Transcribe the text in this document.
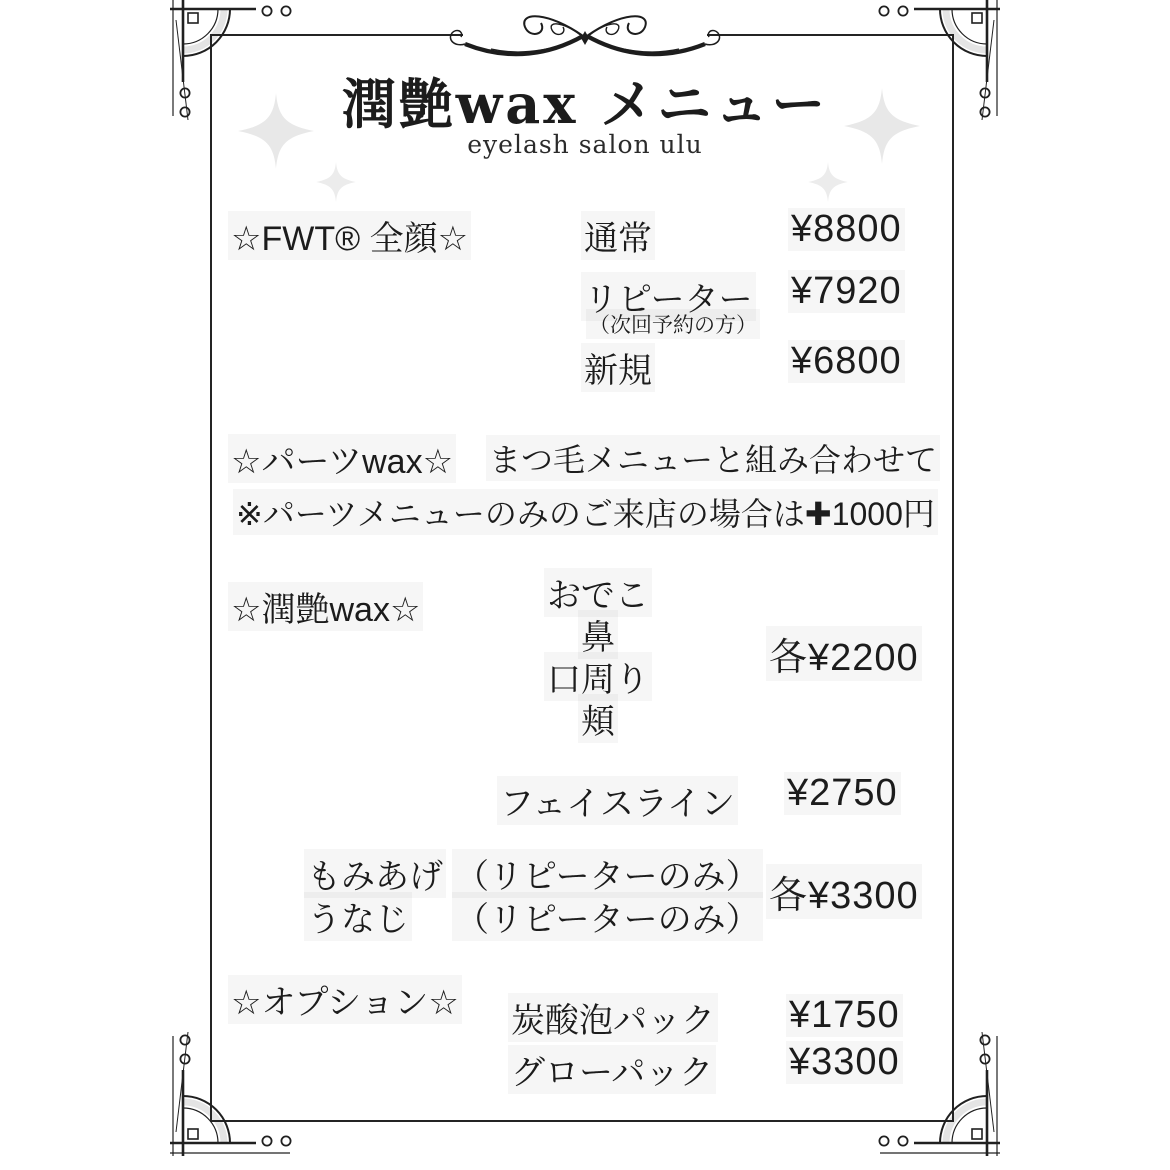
潤艶wax メニュー
eyelash salon ulu
☆FWT® 全顔☆	通常	¥8800
リピーター ¥7920
（次回予約の方）
新規	¥6800
☆パーツwax☆ まつ毛メニューと組み合わせて
※パーツメニューのみのご来店の場合は✚1000円
☆潤艶wax☆	おでこ
鼻
口周り
頬
各¥2200
フェイスライン ¥2750
もみあげ （リピーターのみ）
うなじ （リピーターのみ）
各¥3300
☆オプション☆ 炭酸泡パック ¥1750
グローパック ¥3300
